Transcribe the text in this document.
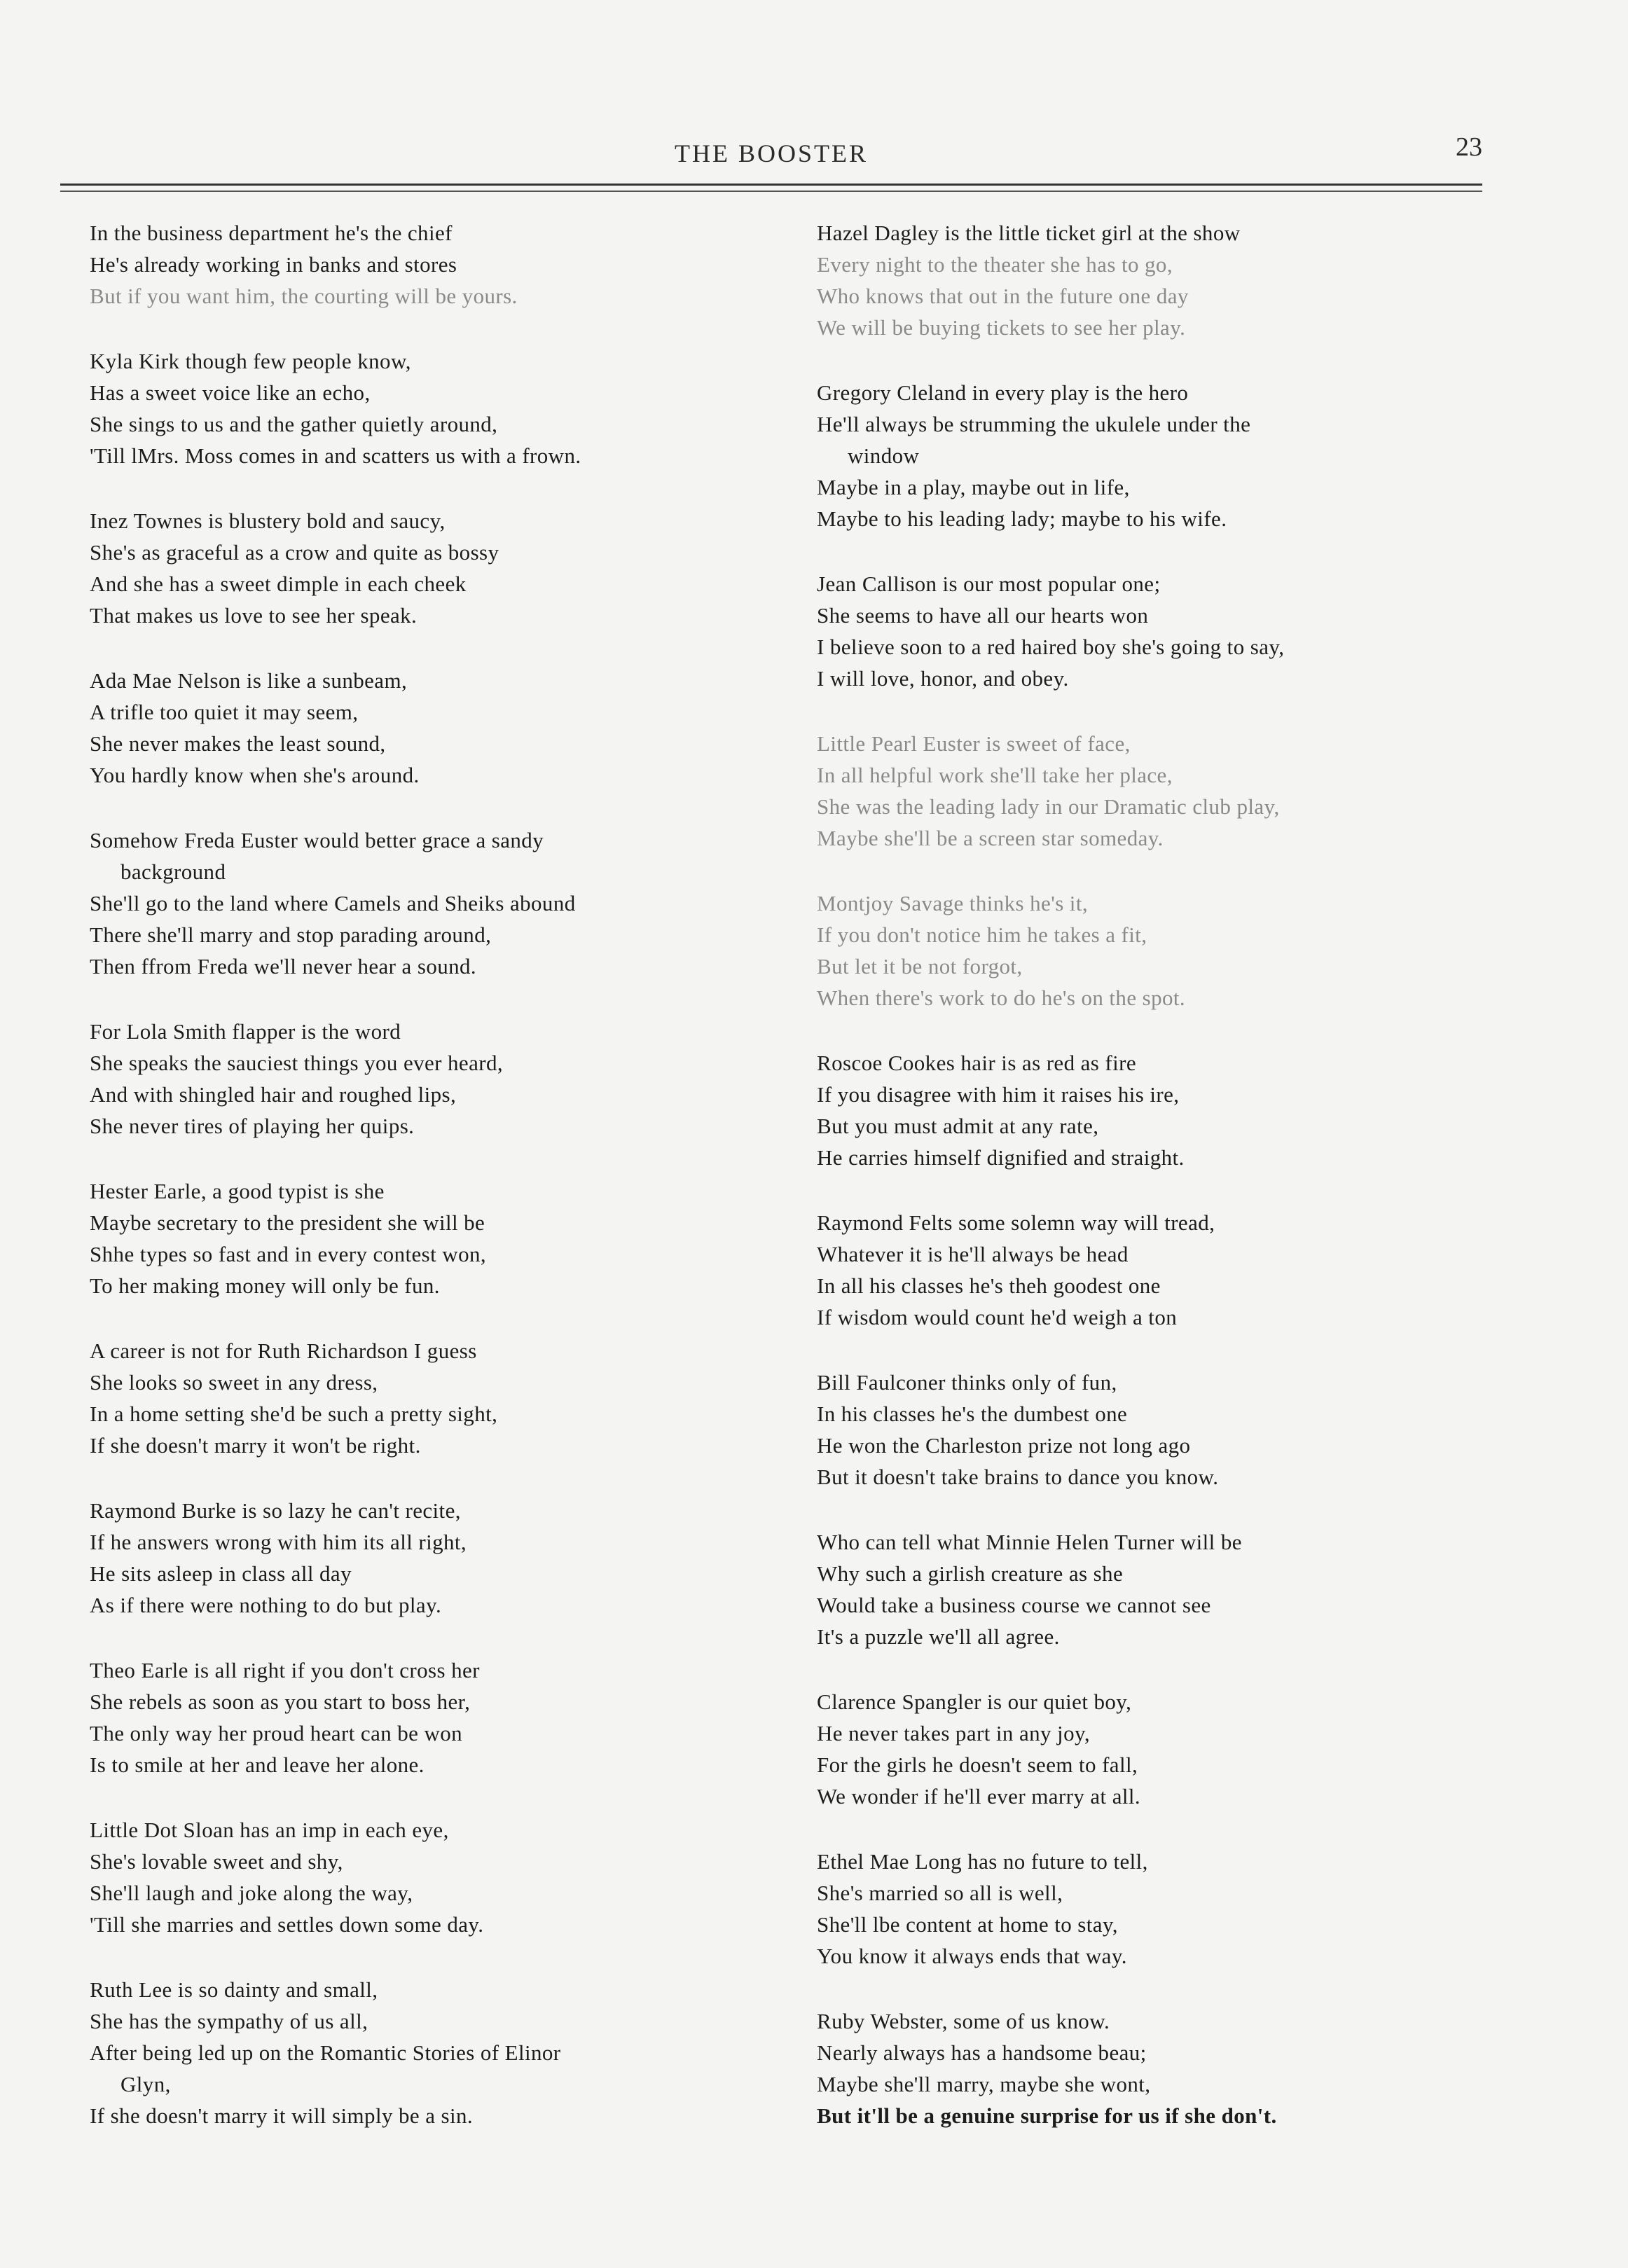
THE BOOSTER	23
In the business department he's the chief
He's already working in banks and stores
But if you want him, the courting will be yours.
Kyla Kirk though few people know,
Has a sweet voice like an echo,
She sings to us and the gather quietly around,
'Till lMrs. Moss comes in and scatters us with a frown.
Inez Townes is blustery bold and saucy,
She's as graceful as a crow and quite as bossy
And she has a sweet dimple in each cheek
That makes us love to see her speak.
Ada Mae Nelson is like a sunbeam,
A trifle too quiet it may seem,
She never makes the least sound,
You hardly know when she's around.
Somehow Freda Euster would better grace a sandy
background
She'll go to the land where Camels and Sheiks abound
There she'll marry and stop parading around,
Then ffrom Freda we'll never hear a sound.
For Lola Smith flapper is the word
She speaks the sauciest things you ever heard,
And with shingled hair and roughed lips,
She never tires of playing her quips.
Hester Earle, a good typist is she
Maybe secretary to the president she will be
Shhe types so fast and in every contest won,
To her making money will only be fun.
A career is not for Ruth Richardson I guess
She looks so sweet in any dress,
In a home setting she'd be such a pretty sight,
If she doesn't marry it won't be right.
Raymond Burke is so lazy he can't recite,
If he answers wrong with him its all right,
He sits asleep in class all day
As if there were nothing to do but play.
Theo Earle is all right if you don't cross her
She rebels as soon as you start to boss her,
The only way her proud heart can be won
Is to smile at her and leave her alone.
Little Dot Sloan has an imp in each eye,
She's lovable sweet and shy,
She'll laugh and joke along the way,
'Till she marries and settles down some day.
Ruth Lee is so dainty and small,
She has the sympathy of us all,
After being led up on the Romantic Stories of Elinor
Glyn,
If she doesn't marry it will simply be a sin.
Hazel Dagley is the little ticket girl at the show
Every night to the theater she has to go,
Who knows that out in the future one day
We will be buying tickets to see her play.
Gregory Cleland in every play is the hero
He'll always be strumming the ukulele under the
window
Maybe in a play, maybe out in life,
Maybe to his leading lady; maybe to his wife.
Jean Callison is our most popular one;
She seems to have all our hearts won
I believe soon to a red haired boy she's going to say,
I will love, honor, and obey.
Little Pearl Euster is sweet of face,
In all helpful work she'll take her place,
She was the leading lady in our Dramatic club play,
Maybe she'll be a screen star someday.
Montjoy Savage thinks he's it,
If you don't notice him he takes a fit,
But let it be not forgot,
When there's work to do he's on the spot.
Roscoe Cookes hair is as red as fire
If you disagree with him it raises his ire,
But you must admit at any rate,
He carries himself dignified and straight.
Raymond Felts some solemn way will tread,
Whatever it is he'll always be head
In all his classes he's theh goodest one
If wisdom would count he'd weigh a ton
Bill Faulconer thinks only of fun,
In his classes he's the dumbest one
He won the Charleston prize not long ago
But it doesn't take brains to dance you know.
Who can tell what Minnie Helen Turner will be
Why such a girlish creature as she
Would take a business course we cannot see
It's a puzzle we'll all agree.
Clarence Spangler is our quiet boy,
He never takes part in any joy,
For the girls he doesn't seem to fall,
We wonder if he'll ever marry at all.
Ethel Mae Long has no future to tell,
She's married so all is well,
She'll lbe content at home to stay,
You know it always ends that way.
Ruby Webster, some of us know.
Nearly always has a handsome beau;
Maybe she'll marry, maybe she wont,
But it'll be a genuine surprise for us if she don't.
